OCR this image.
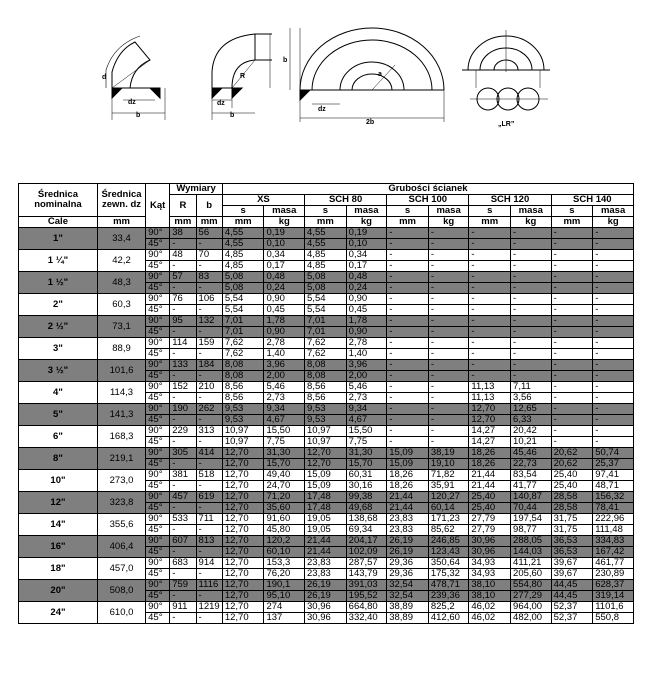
dz
b
d
dz
b
R
dz
2b
b
a
„LR”
Średnica nominalna	Średnica zewn. dz	Kąt	Wymiary		Grubości ścianek									
			R	b	XS		SCH 80		SCH 100		SCH 120		SCH 140	
					s	masa	s	masa	s	masa	s	masa	s	masa
Cale	mm		mm	mm	mm	kg	mm	kg	mm	kg	mm	kg	mm	kg
1"	33,4	90°	38	56	4,55	0,19	4,55	0,19	-	-	-	-	-	-
		45°	-	-	4,55	0,10	4,55	0,10	-	-	-	-	-	-
1 ¼"	42,2	90°	48	70	4,85	0,34	4,85	0,34	-	-	-	-	-	-
		45°	-	-	4,85	0,17	4,85	0,17	-	-	-	-	-	-
1 ½"	48,3	90°	57	83	5,08	0,48	5,08	0,48	-	-	-	-	-	-
		45°	-	-	5,08	0,24	5,08	0,24	-	-	-	-	-	-
2"	60,3	90°	76	106	5,54	0,90	5,54	0,90	-	-	-	-	-	-
		45°	-	-	5,54	0,45	5,54	0,45	-	-	-	-	-	-
2 ½"	73,1	90°	95	132	7,01	1,78	7,01	1,78	-	-	-	-	-	-
		45°	-	-	7,01	0,90	7,01	0,90	-	-	-	-	-	-
3"	88,9	90°	114	159	7,62	2,78	7,62	2,78	-	-	-	-	-	-
		45°	-	-	7,62	1,40	7,62	1,40	-	-	-	-	-	-
3 ½"	101,6	90°	133	184	8,08	3,96	8,08	3,96	-	-	-	-	-	-
		45°	-	-	8,08	2,00	8,08	2,00	-	-	-	-	-	-
4"	114,3	90°	152	210	8,56	5,46	8,56	5,46	-	-	11,13	7,11	-	-
		45°	-	-	8,56	2,73	8,56	2,73	-	-	11,13	3,56	-	-
5"	141,3	90°	190	262	9,53	9,34	9,53	9,34	-	-	12,70	12,65	-	-
		45°	-	-	9,53	4,67	9,53	4,67	-	-	12,70	6,33	-	-
6"	168,3	90°	229	313	10,97	15,50	10,97	15,50	-	-	14,27	20,42	-	-
		45°	-	-	10,97	7,75	10,97	7,75	-	-	14,27	10,21	-	-
8"	219,1	90°	305	414	12,70	31,30	12,70	31,30	15,09	38,19	18,26	45,46	20,62	50,74
		45°	-	-	12,70	15,70	12,70	15,70	15,09	19,10	18,26	22,73	20,62	25,37
10"	273,0	90°	381	518	12,70	49,40	15,09	60,31	18,26	71,82	21,44	83,54	25,40	97,41
		45°	-	-	12,70	24,70	15,09	30,16	18,26	35,91	21,44	41,77	25,40	48,71
12"	323,8	90°	457	619	12,70	71,20	17,48	99,38	21,44	120,27	25,40	140,87	28,58	156,32
		45°	-	-	12,70	35,60	17,48	49,68	21,44	60,14	25,40	70,44	28,58	78,41
14"	355,6	90°	533	711	12,70	91,60	19,05	138,68	23,83	171,23	27,79	197,54	31,75	222,96
		45°	-	-	12,70	45,80	19,05	69,34	23,83	85,62	27,79	98,77	31,75	111,48
16"	406,4	90°	607	813	12,70	120,2	21,44	204,17	26,19	246,85	30,96	288,05	36,53	334,83
		45°	-	-	12,70	60,10	21,44	102,09	26,19	123,43	30,96	144,03	36,53	167,42
18"	457,0	90°	683	914	12,70	153,3	23,83	287,57	29,36	350,64	34,93	411,21	39,67	461,77
		45°	-	-	12,70	76,20	23,83	143,79	29,36	175,32	34,93	205,60	39,67	230,89
20"	508,0	90°	759	1116	12,70	190,1	26,19	391,03	32,54	478,71	38,10	554,80	44,45	628,37
		45°	-	-	12,70	95,10	26,19	195,52	32,54	239,36	38,10	277,29	44,45	319,14
24"	610,0	90°	911	1219	12,70	274	30,96	664,80	38,89	825,2	46,02	964,00	52,37	1101,6
		45°	-	-	12,70	137	30,96	332,40	38,89	412,60	46,02	482,00	52,37	550,8
